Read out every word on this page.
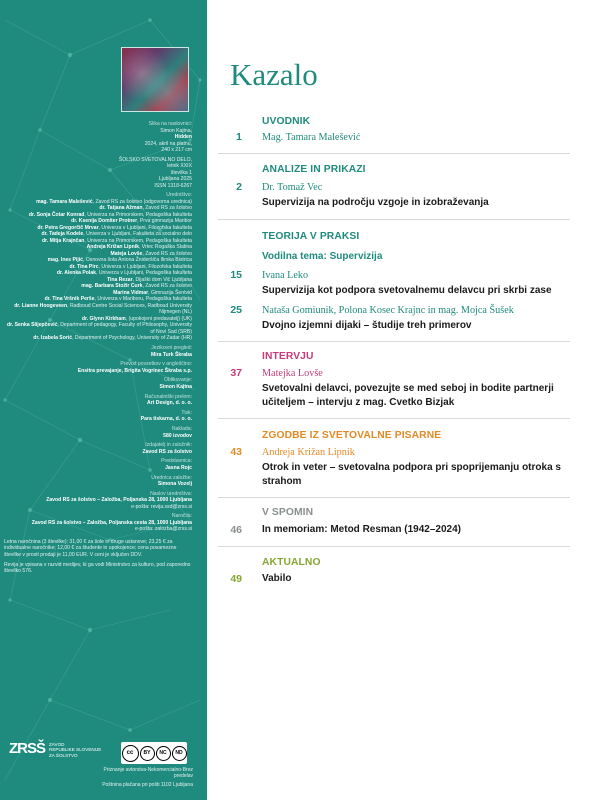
Slika na naslovnici:
Simon Kajtna,
Hidden
2024, akril na platnu,
240 x 217 cm
ŠOLSKO SVETOVALNO DELO,
letnik XXIX
številka 1
Ljubljana 2025
ISSN 1318-6267
Uredništvo:
mag. Tamara Malešević, Zavod RS za šolstvo (odgovorna urednica)
dr. Tatjana Ažman, Zavod RS za šolstvo
dr. Sonja Čotar Konrad, Univerza na Primorskem, Pedagoška fakulteta
dr. Ksenija Domiter Protner, Prva gimnazija Maribor
dr. Petra Gregorčič Mrvar, Univerza v Ljubljani, Filozofska fakulteta
dr. Tadeja Kodele, Univerza v Ljubljani, Fakulteta za socialno delo
dr. Mitja Krajnčan, Univerza na Primorskem, Pedagoška fakulteta
Andreja Križan Lipnik, Vrtec Rogaška Slatina
Mateja Lovše, Zavod RS za šolstvo
mag. Ines Pijić, Osnovna šola Antona Žnideršiča Ilirska Bistrica
dr. Tina Pirc, Univerza v Ljubljani, Filozofska fakulteta
dr. Alenka Polak, Univerza v Ljubljani, Pedagoška fakulteta
Tina Rezar, Dijaški dom Vič Ljubljana
mag. Barbara Stožir Curk, Zavod RS za šolstvo
Marina Vidmar, Gimnazija Šentvid
dr. Tina Vršnik Perše, Univerza v Mariboru, Pedagoška fakulteta
dr. Lianne Hoogeveen, Radboud Centre Social Sciences, Radboud University Nijmegen (NL)
dr. Glynn Kirkham, (upokojeni predavatelj) (UK)
dr. Senka Slijepčević, Department of pedagogy, Faculty of Philosophy, University of Novi Sad (SRB)
dr. Izabela Sorić, Department of Psychology, University of Zadar (HR)
Jezikovni pregled:
Mira Turk Škraba
Prevod povzetkov v angleščino:
Ensitra prevajanje, Brigita Vogrinec Škraba s.p.
Oblikovanje:
Simon Kajtna
Računalniški prelom:
Art Design, d. o. o.
Tisk:
Para tiskarna, d. o. o.
Naklada:
580 izvodov
Izdajatelj in založnik:
Zavod RS za šolstvo
Predstavnica:
Jasna Rojc
Urednica založbe:
Simona Vozelj
Naslov uredništva:
Zavod RS za šolstvo – Založba, Poljanska 28, 1000 Ljubljana
e-pošta: revija.ssd@zrss.si
Naročila:
Zavod RS za šolstvo – Založba, Poljanska cesta 28, 1000 Ljubljana
e-pošta: zalozba@zrss.si
Letna naročnina (3 številke): 31,00 € za šole in druge ustanove; 23,25 € za individualne naročnike; 12,00 € za študente in upokojence; cena posamezne številke v prosti prodaji je 11,00 EUR. V ceni je vključen DDV.
Revija je vpisana v razvid medijev, ki ga vodi Ministrstvo za kulturo, pod zaporedno številko 576.
ZRSŠ ZAVOD
REPUBLIKE SLOVENIJE
ZA ŠOLSTVO	cc	BY	NC	ND
Priznanje avtorstva-Nekomercialno-Brez predelav
Poštnina plačana pri pošti 1102 Ljubljana
Kazalo
UVODNIK
1 Mag. Tamara Malešević
ANALIZE IN PRIKAZI
2 Dr. Tomaž Vec
Supervizija na področju vzgoje in izobraževanja
TEORIJA V PRAKSI
Vodilna tema: Supervizija
15 Ivana Leko
Supervizija kot podpora svetovalnemu delavcu pri skrbi zase
25 Nataša Gomiunik, Polona Kosec Krajnc in mag. Mojca Šušek
Dvojno izjemni dijaki – študije treh primerov
INTERVJU
37 Matejka Lovše
Svetovalni delavci, povezujte se med seboj in bodite partnerji učiteljem – intervju z mag. Cvetko Bizjak
ZGODBE IZ SVETOVALNE PISARNE
43 Andreja Križan Lipnik
Otrok in veter – svetovalna podpora pri spoprijemanju otroka s strahom
V SPOMIN
46 In memoriam: Metod Resman (1942–2024)
AKTUALNO
49 Vabilo
